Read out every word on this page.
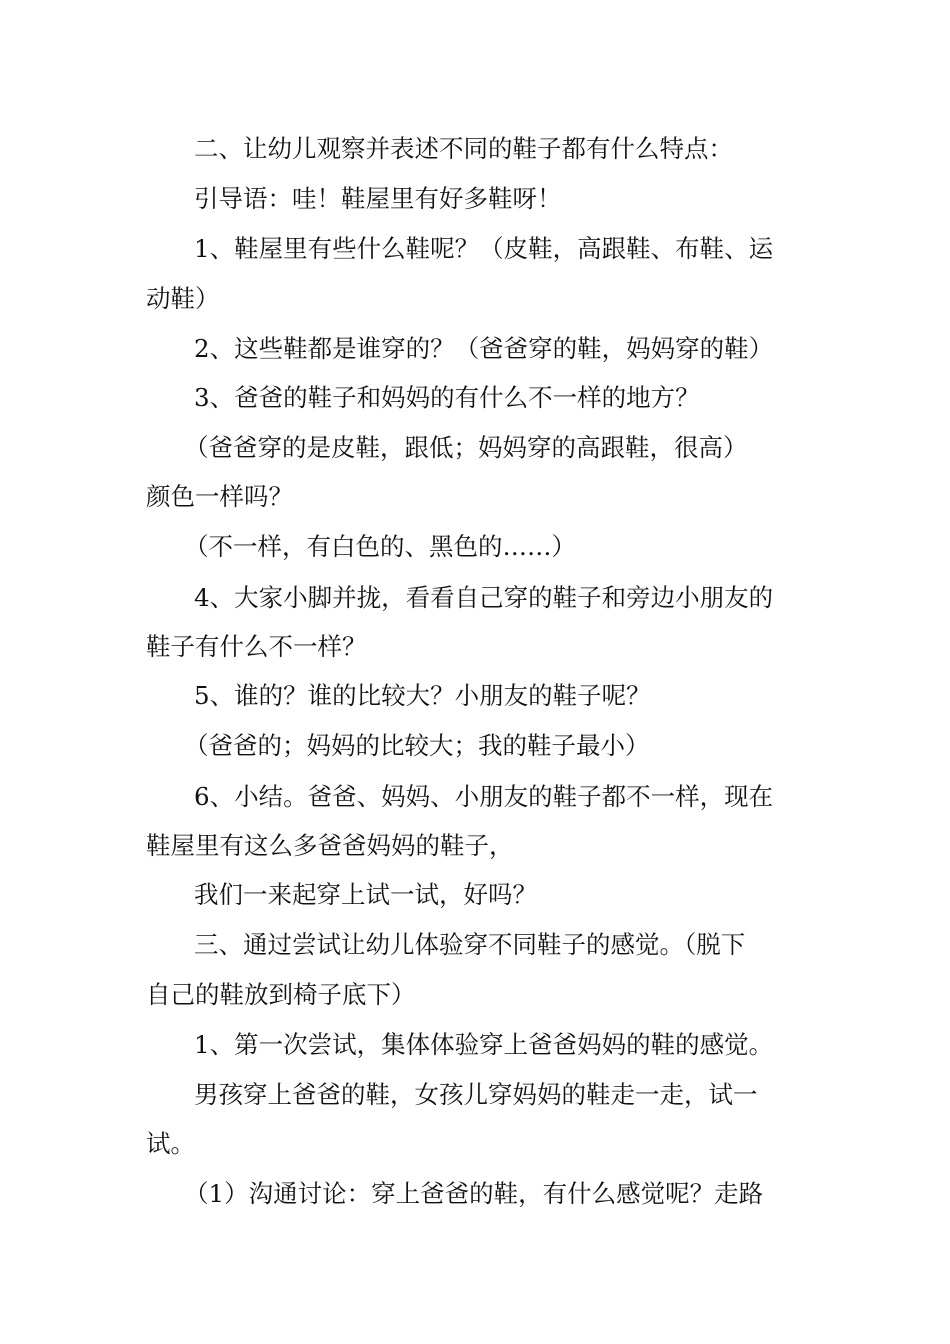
二、让幼儿观察并表述不同的鞋子都有什么特点：
引导语：哇！鞋屋里有好多鞋呀！
1、鞋屋里有些什么鞋呢？（皮鞋，高跟鞋、布鞋、运
动鞋）
2、这些鞋都是谁穿的？（爸爸穿的鞋，妈妈穿的鞋）
3、爸爸的鞋子和妈妈的有什么不一样的地方？
（爸爸穿的是皮鞋，跟低；妈妈穿的高跟鞋，很高）
颜色一样吗？
（不一样，有白色的、黑色的……）
4、大家小脚并拢，看看自己穿的鞋子和旁边小朋友的
鞋子有什么不一样？
5、谁的？谁的比较大？小朋友的鞋子呢？
（爸爸的；妈妈的比较大；我的鞋子最小）
6、小结。爸爸、妈妈、小朋友的鞋子都不一样，现在
鞋屋里有这么多爸爸妈妈的鞋子，
我们一来起穿上试一试，好吗？
三、通过尝试让幼儿体验穿不同鞋子的感觉。（脱下
自己的鞋放到椅子底下）
1、第一次尝试，集体体验穿上爸爸妈妈的鞋的感觉。
男孩穿上爸爸的鞋，女孩儿穿妈妈的鞋走一走，试一
试。
（1）沟通讨论：穿上爸爸的鞋，有什么感觉呢？走路
